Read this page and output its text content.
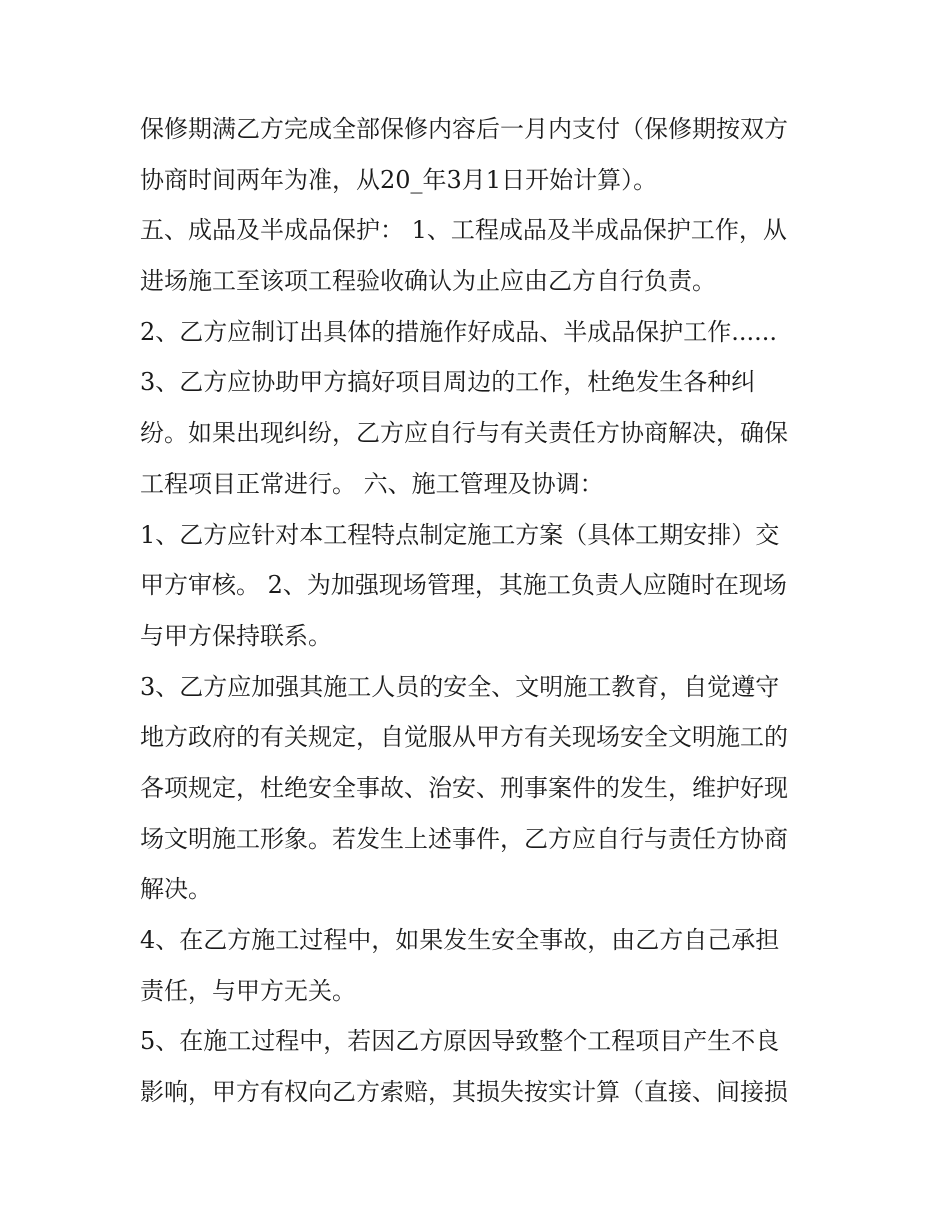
保修期满乙方完成全部保修内容后一月内支付（保修期按双方
协商时间两年为准，从20_年3月1日开始计算）。
五、成品及半成品保护： 1、工程成品及半成品保护工作，从
进场施工至该项工程验收确认为止应由乙方自行负责。
2、乙方应制订出具体的措施作好成品、半成品保护工作......
3、乙方应协助甲方搞好项目周边的工作，杜绝发生各种纠
纷。如果出现纠纷，乙方应自行与有关责任方协商解决，确保
工程项目正常进行。 六、施工管理及协调：
1、乙方应针对本工程特点制定施工方案（具体工期安排）交
甲方审核。 2、为加强现场管理，其施工负责人应随时在现场
与甲方保持联系。
3、乙方应加强其施工人员的安全、文明施工教育，自觉遵守
地方政府的有关规定，自觉服从甲方有关现场安全文明施工的
各项规定，杜绝安全事故、治安、刑事案件的发生，维护好现
场文明施工形象。若发生上述事件，乙方应自行与责任方协商
解决。
4、在乙方施工过程中，如果发生安全事故，由乙方自己承担
责任，与甲方无关。
5、在施工过程中，若因乙方原因导致整个工程项目产生不良
影响，甲方有权向乙方索赔，其损失按实计算（直接、间接损
